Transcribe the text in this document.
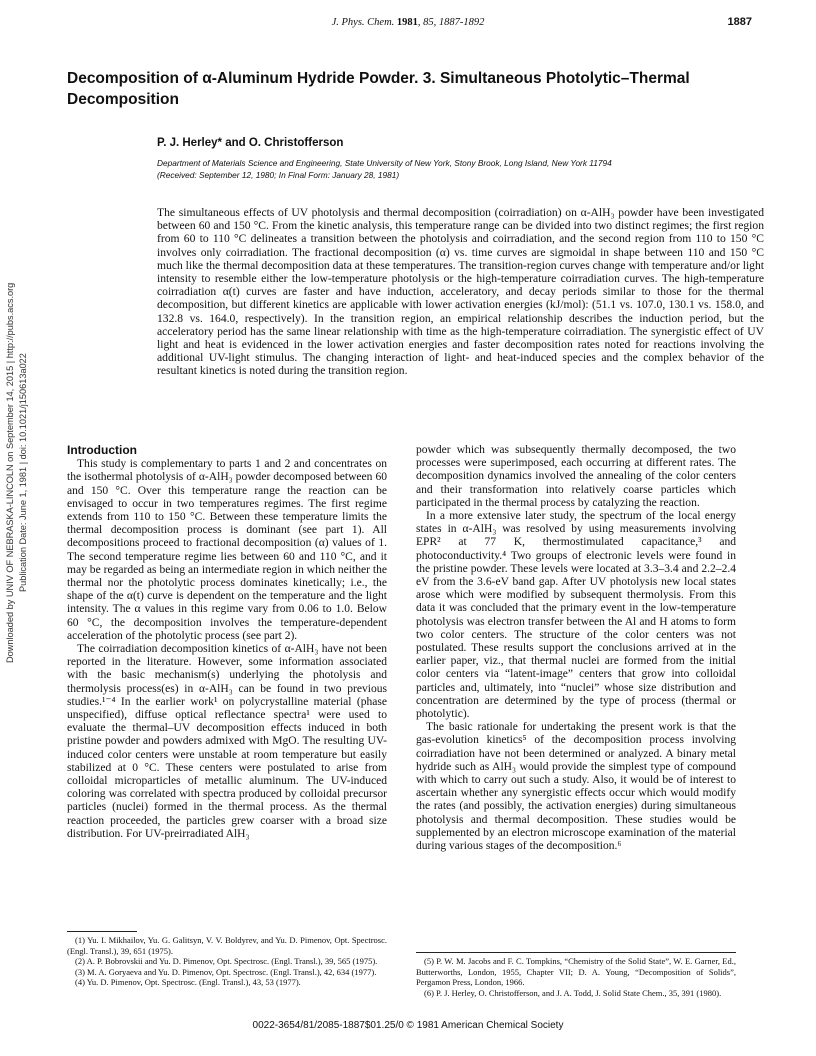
J. Phys. Chem. 1981, 85, 1887-1892	1887
Decomposition of α-Aluminum Hydride Powder. 3. Simultaneous Photolytic–Thermal Decomposition
P. J. Herley* and O. Christofferson
Department of Materials Science and Engineering, State University of New York, Stony Brook, Long Island, New York 11794
(Received: September 12, 1980; In Final Form: January 28, 1981)
The simultaneous effects of UV photolysis and thermal decomposition (coirradiation) on α-AlH₃ powder have been investigated between 60 and 150 °C. From the kinetic analysis, this temperature range can be divided into two distinct regimes; the first region from 60 to 110 °C delineates a transition between the photolysis and coirradiation, and the second region from 110 to 150 °C involves only coirradiation. The fractional decomposition (α) vs. time curves are sigmoidal in shape between 110 and 150 °C much like the thermal decomposition data at these temperatures. The transition-region curves change with temperature and/or light intensity to resemble either the low-temperature photolysis or the high-temperature coirradiation curves. The high-temperature coirradiation α(t) curves are faster and have induction, acceleratory, and decay periods similar to those for the thermal decomposition, but different kinetics are applicable with lower activation energies (kJ/mol): (51.1 vs. 107.0, 130.1 vs. 158.0, and 132.8 vs. 164.0, respectively). In the transition region, an empirical relationship describes the induction period, but the acceleratory period has the same linear relationship with time as the high-temperature coirradiation. The synergistic effect of UV light and heat is evidenced in the lower activation energies and faster decomposition rates noted for reactions involving the additional UV-light stimulus. The changing interaction of light- and heat-induced species and the complex behavior of the resultant kinetics is noted during the transition region.
Downloaded by UNIV OF NEBRASKA-LINCOLN on September 14, 2015 | http://pubs.acs.org Publication Date: June 1, 1981 | doi: 10.1021/j150613a022	Introduction

This study is complementary to parts 1 and 2 and concentrates on the isothermal photolysis of α-AlH₃ powder decomposed between 60 and 150 °C. Over this temperature range the reaction can be envisaged to occur in two temperatures regimes. The first regime extends from 110 to 150 °C. Between these temperature limits the thermal decomposition process is dominant (see part 1). All decompositions proceed to fractional decomposition (α) values of 1. The second temperature regime lies between 60 and 110 °C, and it may be regarded as being an intermediate region in which neither the thermal nor the photolytic process dominates kinetically; i.e., the shape of the α(t) curve is dependent on the temperature and the light intensity. The α values in this regime vary from 0.06 to 1.0. Below 60 °C, the decomposition involves the temperature-dependent acceleration of the photolytic process (see part 2).

The coirradiation decomposition kinetics of α-AlH₃ have not been reported in the literature. However, some information associated with the basic mechanism(s) underlying the photolysis and thermolysis process(es) in α-AlH₃ can be found in two previous studies.¹⁻⁴ In the earlier work¹ on polycrystalline material (phase unspecified), diffuse optical reflectance spectra¹ were used to evaluate the thermal–UV decomposition effects induced in both pristine powder and powders admixed with MgO. The resulting UV-induced color centers were unstable at room temperature but easily stabilized at 0 °C. These centers were postulated to arise from colloidal microparticles of metallic aluminum. The UV-induced coloring was correlated with spectra produced by colloidal precursor particles (nuclei) formed in the thermal process. As the thermal reaction proceeded, the particles grew coarser with a broad size distribution. For UV-preirradiated AlH₃

powder which was subsequently thermally decomposed, the two processes were superimposed, each occurring at different rates. The decomposition dynamics involved the annealing of the color centers and their transformation into relatively coarse particles which participated in the thermal process by catalyzing the reaction.

In a more extensive later study, the spectrum of the local energy states in α-AlH₃ was resolved by using measurements involving EPR² at 77 K, thermostimulated capacitance,³ and photoconductivity.⁴ Two groups of electronic levels were found in the pristine powder. These levels were located at 3.3–3.4 and 2.2–2.4 eV from the 3.6-eV band gap. After UV photolysis new local states arose which were modified by subsequent thermolysis. From this data it was concluded that the primary event in the low-temperature photolysis was electron transfer between the Al and H atoms to form two color centers. The structure of the color centers was not postulated. These results support the conclusions arrived at in the earlier paper, viz., that thermal nuclei are formed from the initial color centers via “latent-image” centers that grow into colloidal particles and, ultimately, into “nuclei” whose size distribution and concentration are determined by the type of process (thermal or photolytic).

The basic rationale for undertaking the present work is that the gas-evolution kinetics⁵ of the decomposition process involving coirradiation have not been determined or analyzed. A binary metal hydride such as AlH₃ would provide the simplest type of compound with which to carry out such a study. Also, it would be of interest to ascertain whether any synergistic effects occur which would modify the rates (and possibly, the activation energies) during simultaneous photolysis and thermal decomposition. These studies would be supplemented by an electron microscope examination of the material during various stages of the decomposition.⁶

(1) Yu. I. Mikhailov, Yu. G. Galitsyn, V. V. Boldyrev, and Yu. D. Pimenov, Opt. Spectrosc. (Engl. Transl.), 39, 651 (1975).
(2) A. P. Bobrovskii and Yu. D. Pimenov, Opt. Spectrosc. (Engl. Transl.), 39, 565 (1975).
(3) M. A. Goryaeva and Yu. D. Pimenov, Opt. Spectrosc. (Engl. Transl.), 42, 634 (1977).
(4) Yu. D. Pimenov, Opt. Spectrosc. (Engl. Transl.), 43, 53 (1977).
(5) P. W. M. Jacobs and F. C. Tompkins, “Chemistry of the Solid State”, W. E. Garner, Ed., Butterworths, London, 1955, Chapter VII; D. A. Young, “Decomposition of Solids”, Pergamon Press, London, 1966.
(6) P. J. Herley, O. Christofferson, and J. A. Todd, J. Solid State Chem., 35, 391 (1980).
0022-3654/81/2085-1887$01.25/0 © 1981 American Chemical Society
